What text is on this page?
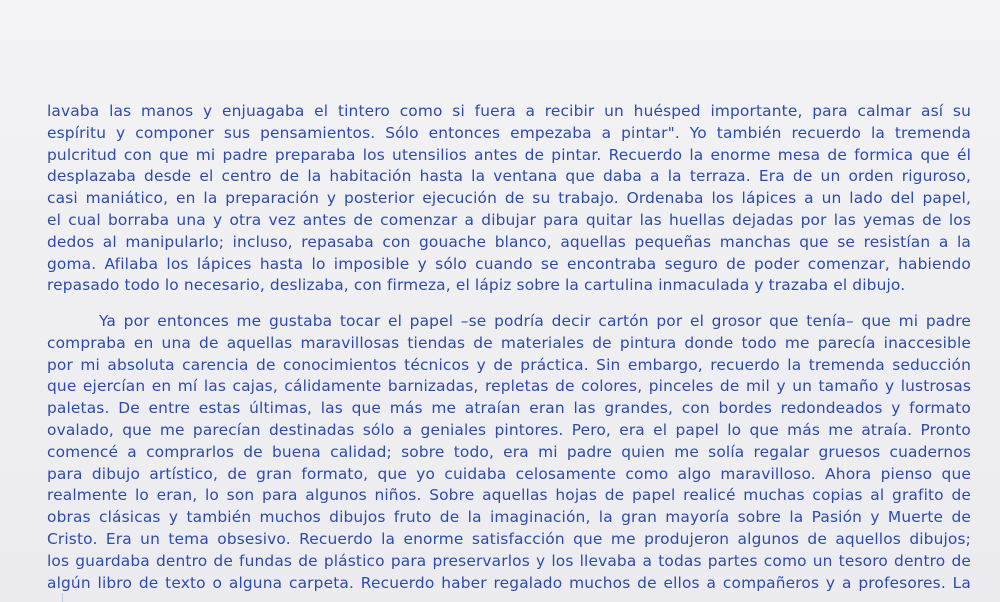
lavaba las manos y enjuagaba el tintero como si fuera a recibir un huésped importante, para calmar así su
espíritu y componer sus pensamientos. Sólo entonces empezaba a pintar". Yo también recuerdo la tremenda
pulcritud con que mi padre preparaba los utensilios antes de pintar. Recuerdo la enorme mesa de formica que él
desplazaba desde el centro de la habitación hasta la ventana que daba a la terraza. Era de un orden riguroso,
casi maniático, en la preparación y posterior ejecución de su trabajo. Ordenaba los lápices a un lado del papel,
el cual borraba una y otra vez antes de comenzar a dibujar para quitar las huellas dejadas por las yemas de los
dedos al manipularlo; incluso, repasaba con gouache blanco, aquellas pequeñas manchas que se resistían a la
goma. Afilaba los lápices hasta lo imposible y sólo cuando se encontraba seguro de poder comenzar, habiendo
repasado todo lo necesario, deslizaba, con firmeza, el lápiz sobre la cartulina inmaculada y trazaba el dibujo.
Ya por entonces me gustaba tocar el papel –se podría decir cartón por el grosor que tenía– que mi padre
compraba en una de aquellas maravillosas tiendas de materiales de pintura donde todo me parecía inaccesible
por mi absoluta carencia de conocimientos técnicos y de práctica. Sin embargo, recuerdo la tremenda seducción
que ejercían en mí las cajas, cálidamente barnizadas, repletas de colores, pinceles de mil y un tamaño y lustrosas
paletas. De entre estas últimas, las que más me atraían eran las grandes, con bordes redondeados y formato
ovalado, que me parecían destinadas sólo a geniales pintores. Pero, era el papel lo que más me atraía. Pronto
comencé a comprarlos de buena calidad; sobre todo, era mi padre quien me solía regalar gruesos cuadernos
para dibujo artístico, de gran formato, que yo cuidaba celosamente como algo maravilloso. Ahora pienso que
realmente lo eran, lo son para algunos niños. Sobre aquellas hojas de papel realicé muchas copias al grafito de
obras clásicas y también muchos dibujos fruto de la imaginación, la gran mayoría sobre la Pasión y Muerte de
Cristo. Era un tema obsesivo. Recuerdo la enorme satisfacción que me produjeron algunos de aquellos dibujos;
los guardaba dentro de fundas de plástico para preservarlos y los llevaba a todas partes como un tesoro dentro de
algún libro de texto o alguna carpeta. Recuerdo haber regalado muchos de ellos a compañeros y a profesores. La
